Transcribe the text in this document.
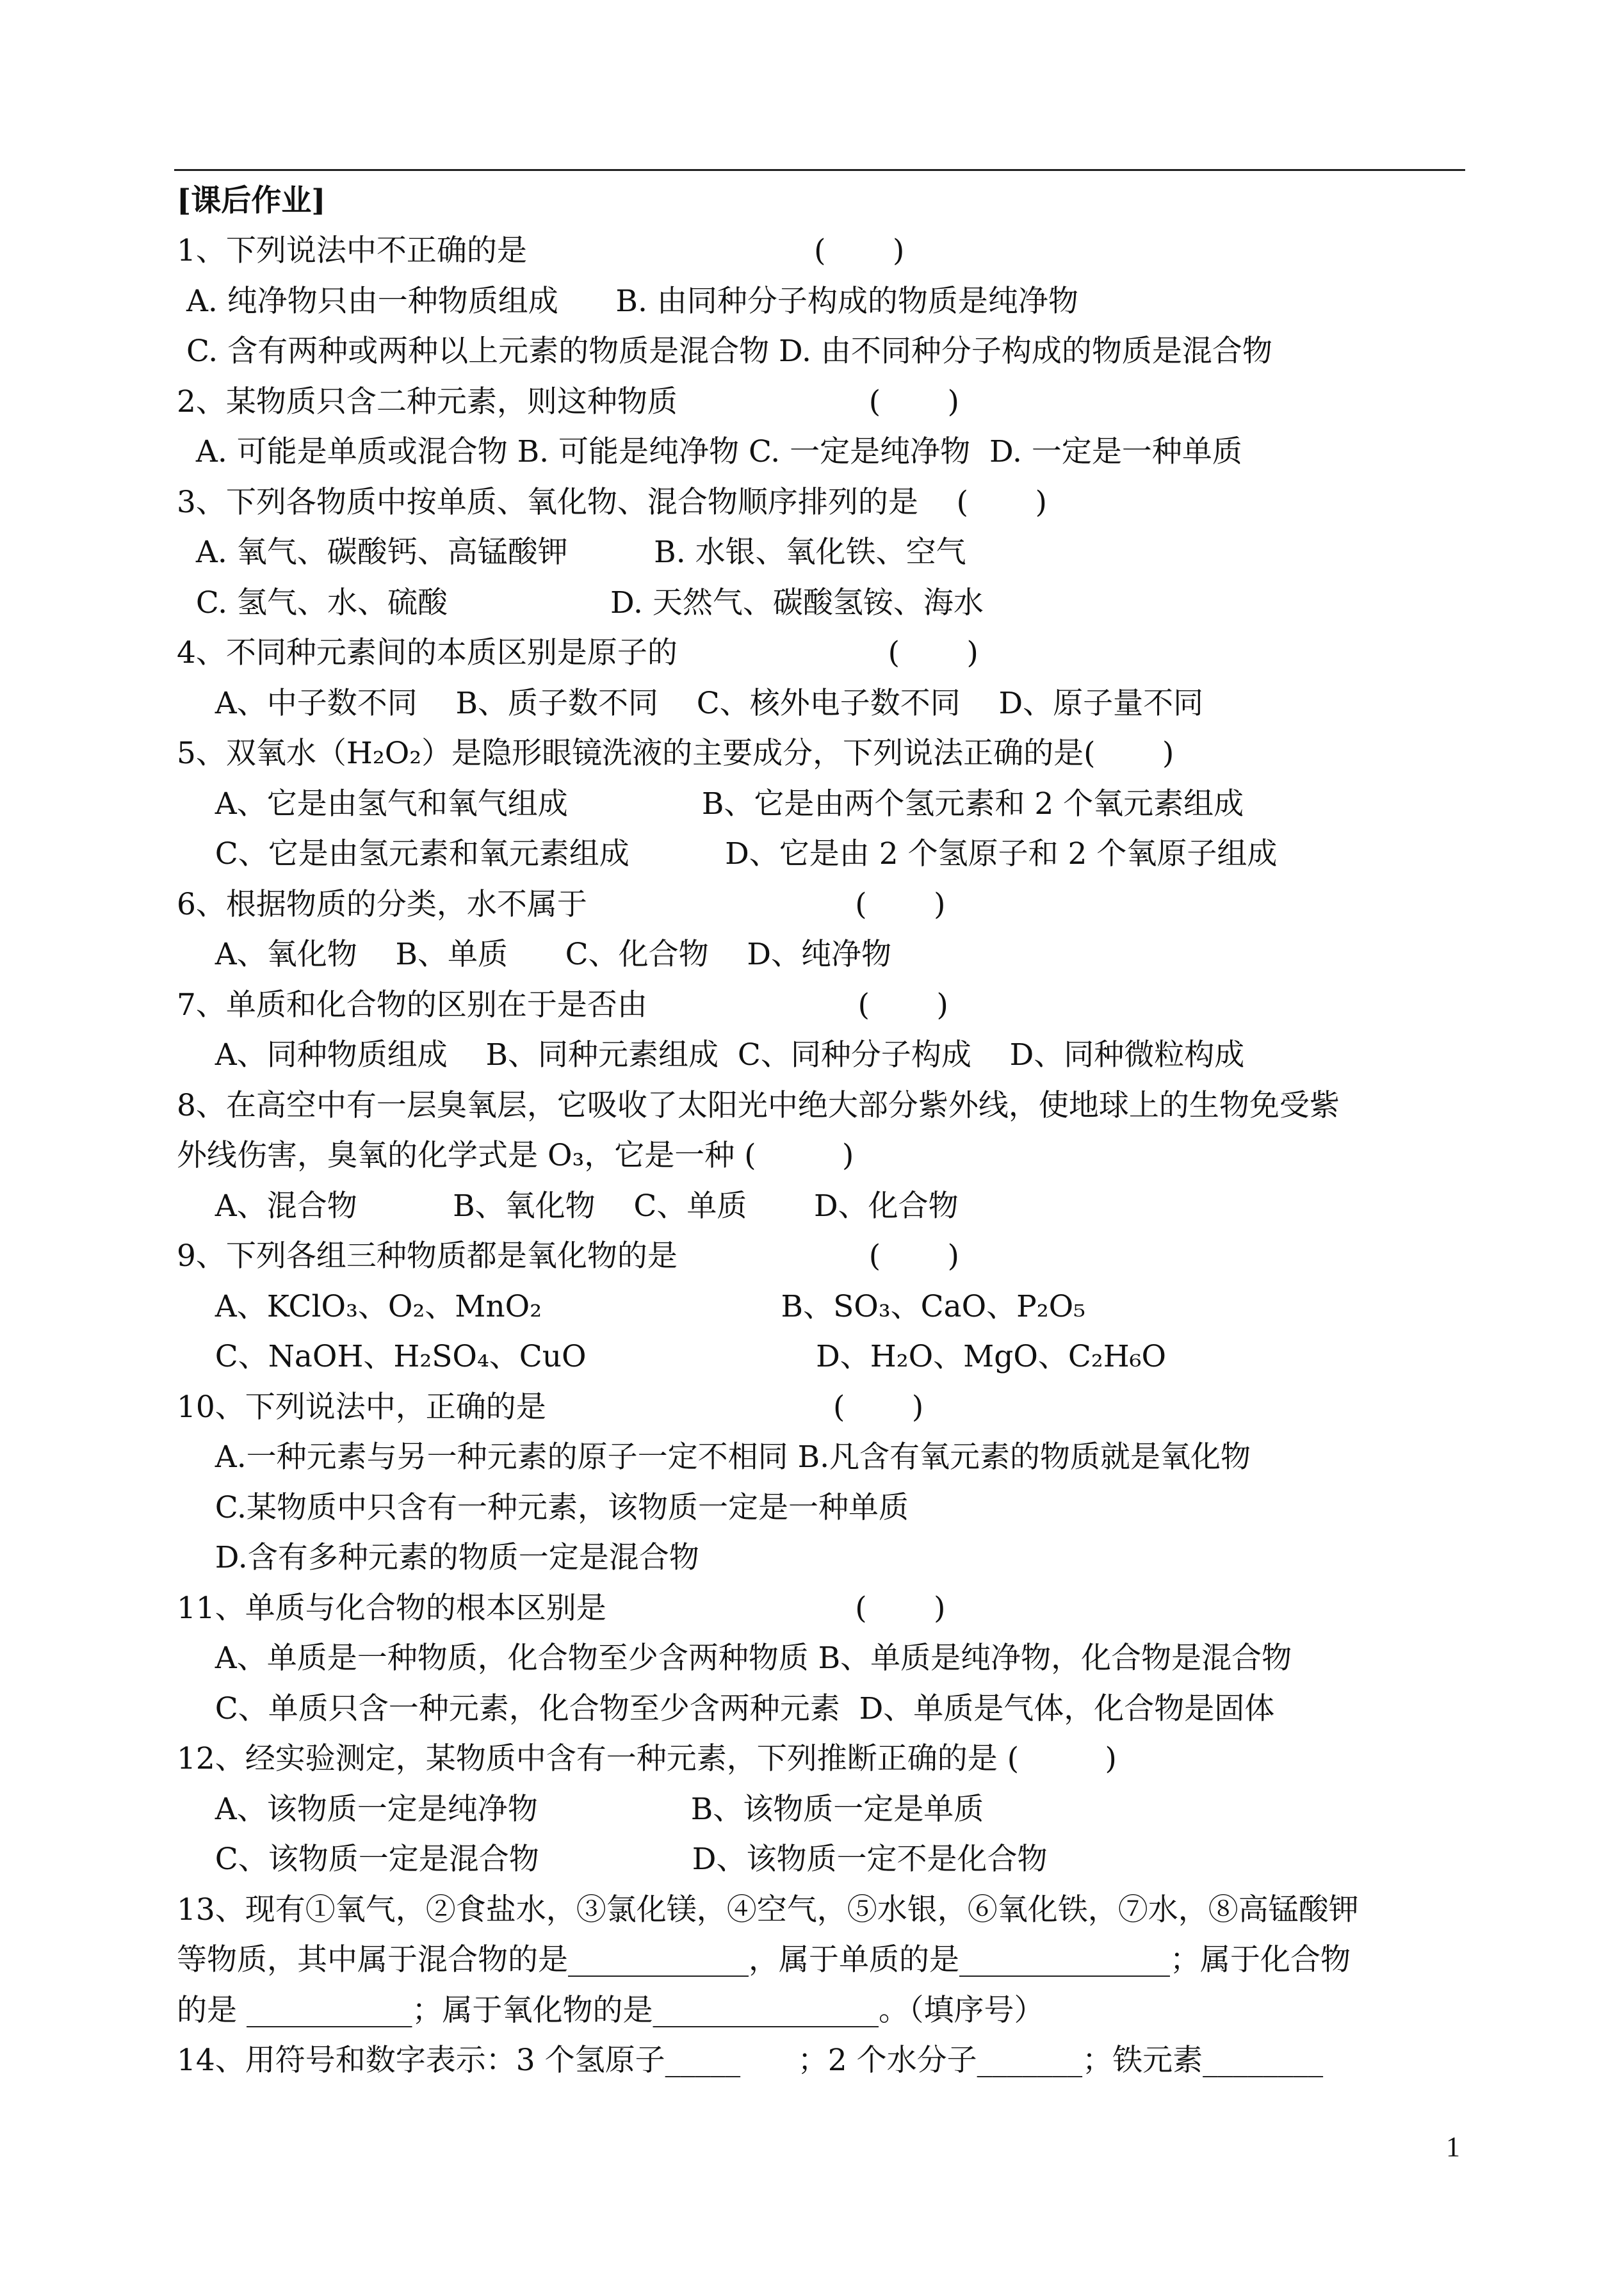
[课后作业]
1、下列说法中不正确的是                              (       )
A. 纯净物只由一种物质组成      B. 由同种分子构成的物质是纯净物
C. 含有两种或两种以上元素的物质是混合物 D. 由不同种分子构成的物质是混合物
2、某物质只含二种元素，则这种物质                    (       )
A. 可能是单质或混合物 B. 可能是纯净物 C. 一定是纯净物  D. 一定是一种单质
3、下列各物质中按单质、氧化物、混合物顺序排列的是    (       )
A. 氧气、碳酸钙、高锰酸钾         B. 水银、氧化铁、空气
C. 氢气、水、硫酸                 D. 天然气、碳酸氢铵、海水
4、不同种元素间的本质区别是原子的                      (       )
A、中子数不同    B、质子数不同    C、核外电子数不同    D、原子量不同
5、双氧水（H₂O₂）是隐形眼镜洗液的主要成分，下列说法正确的是(       )
A、它是由氢气和氧气组成              B、它是由两个氢元素和 2 个氧元素组成
C、它是由氢元素和氧元素组成          D、它是由 2 个氢原子和 2 个氧原子组成
6、根据物质的分类，水不属于                            (       )
A、氧化物    B、单质      C、化合物    D、纯净物
7、单质和化合物的区别在于是否由                      (       )
A、同种物质组成    B、同种元素组成  C、同种分子构成    D、同种微粒构成
8、在高空中有一层臭氧层，它吸收了太阳光中绝大部分紫外线，使地球上的生物免受紫
外线伤害，臭氧的化学式是 O₃，它是一种 (         )
A、混合物          B、氧化物    C、单质       D、化合物
9、下列各组三种物质都是氧化物的是                    (       )
A、KClO₃、O₂、MnO₂                         B、SO₃、CaO、P₂O₅
C、NaOH、H₂SO₄、CuO                        D、H₂O、MgO、C₂H₆O
10、下列说法中，正确的是                              (       )
A.一种元素与另一种元素的原子一定不相同 B.凡含有氧元素的物质就是氧化物
C.某物质中只含有一种元素，该物质一定是一种单质
D.含有多种元素的物质一定是混合物
11、单质与化合物的根本区别是                          (       )
A、单质是一种物质，化合物至少含两种物质 B、单质是纯净物，化合物是混合物
C、单质只含一种元素，化合物至少含两种元素  D、单质是气体，化合物是固体
12、经实验测定，某物质中含有一种元素，下列推断正确的是 (         )
A、该物质一定是纯净物                B、该物质一定是单质
C、该物质一定是混合物                D、该物质一定不是化合物
13、现有①氧气，②食盐水，③氯化镁，④空气，⑤水银，⑥氧化铁，⑦水，⑧高锰酸钾
等物质，其中属于混合物的是____________，属于单质的是______________；属于化合物
的是 ___________；属于氧化物的是_______________。（填序号）
14、用符号和数字表示：3 个氢原子_____      ；2 个水分子_______；铁元素________
1
